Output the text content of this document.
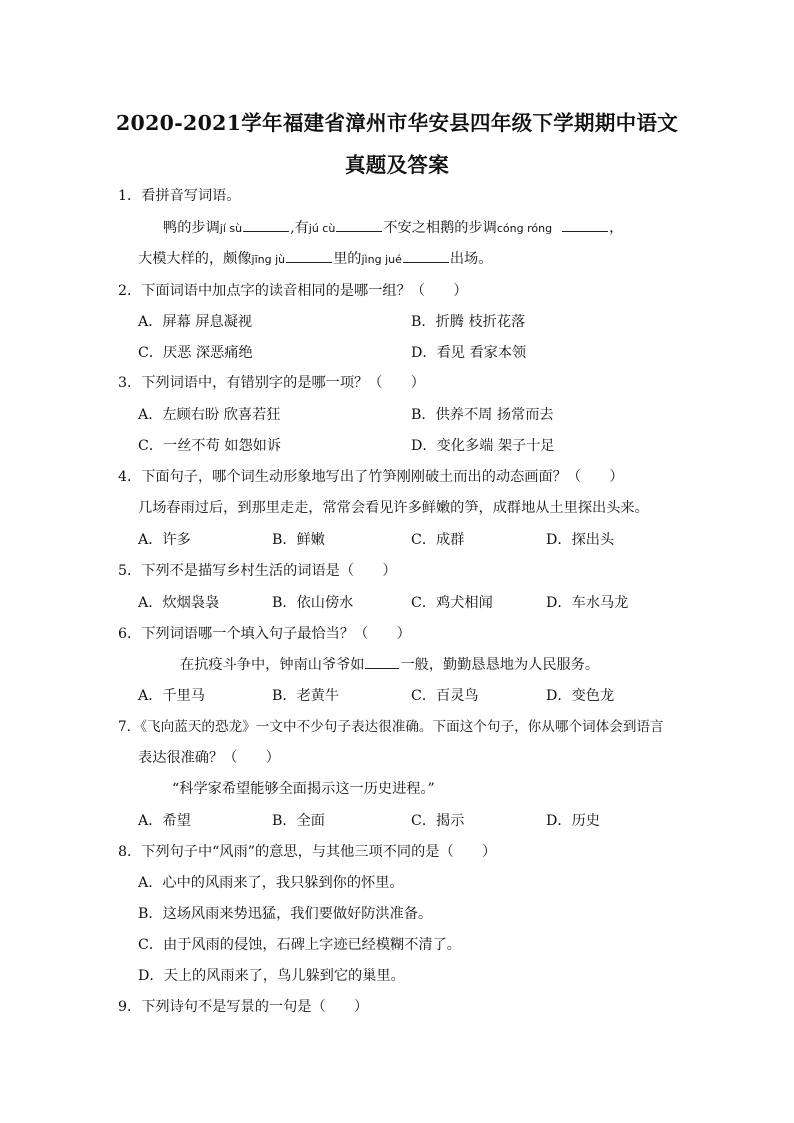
2020-2021学年福建省漳州市华安县四年级下学期期中语文
真题及答案
1．看拼音写词语。
鸭的步调jí sù	,有jú cù	不安之相鹅的步调cóng róng	，
大模大样的，颇像jīng jù	里的jìng jué	出场。
2．下面词语中加点字的读音相同的是哪一组？（　　）
A．屏幕 屏息凝视	B．折腾 枝折花落
C．厌恶 深恶痛绝	D．看见 看家本领
3．下列词语中，有错别字的是哪一项？（　　）
A．左顾右盼 欣喜若狂	B．供养不周 扬常而去
C．一丝不苟 如怨如诉	D．变化多端 架子十足
4．下面句子，哪个词生动形象地写出了竹笋刚刚破土而出的动态画面？（　　）
几场春雨过后，到那里走走，常常会看见许多鲜嫩的笋，成群地从土里探出头来。
A．许多	B．鲜嫩	C．成群	D．探出头
5．下列不是描写乡村生活的词语是（　　）
A．炊烟袅袅	B．依山傍水	C．鸡犬相闻	D．车水马龙
6．下列词语哪一个填入句子最恰当？（　　）
在抗疫斗争中，钟南山爷爷如	一般，勤勤恳恳地为人民服务。
A．千里马	B．老黄牛	C．百灵鸟	D．变色龙
7．《飞向蓝天的恐龙》一文中不少句子表达很准确。下面这个句子，你从哪个词体会到语言
表达很准确？（　　）
“科学家希望能够全面揭示这一历史进程。”
A．希望	B．全面	C．揭示	D．历史
8．下列句子中“风雨”的意思，与其他三项不同的是（　　）
A．心中的风雨来了，我只躲到你的怀里。
B．这场风雨来势迅猛，我们要做好防洪准备。
C．由于风雨的侵蚀，石碑上字迹已经模糊不清了。
D．天上的风雨来了，鸟儿躲到它的巢里。
9．下列诗句不是写景的一句是（　　）
